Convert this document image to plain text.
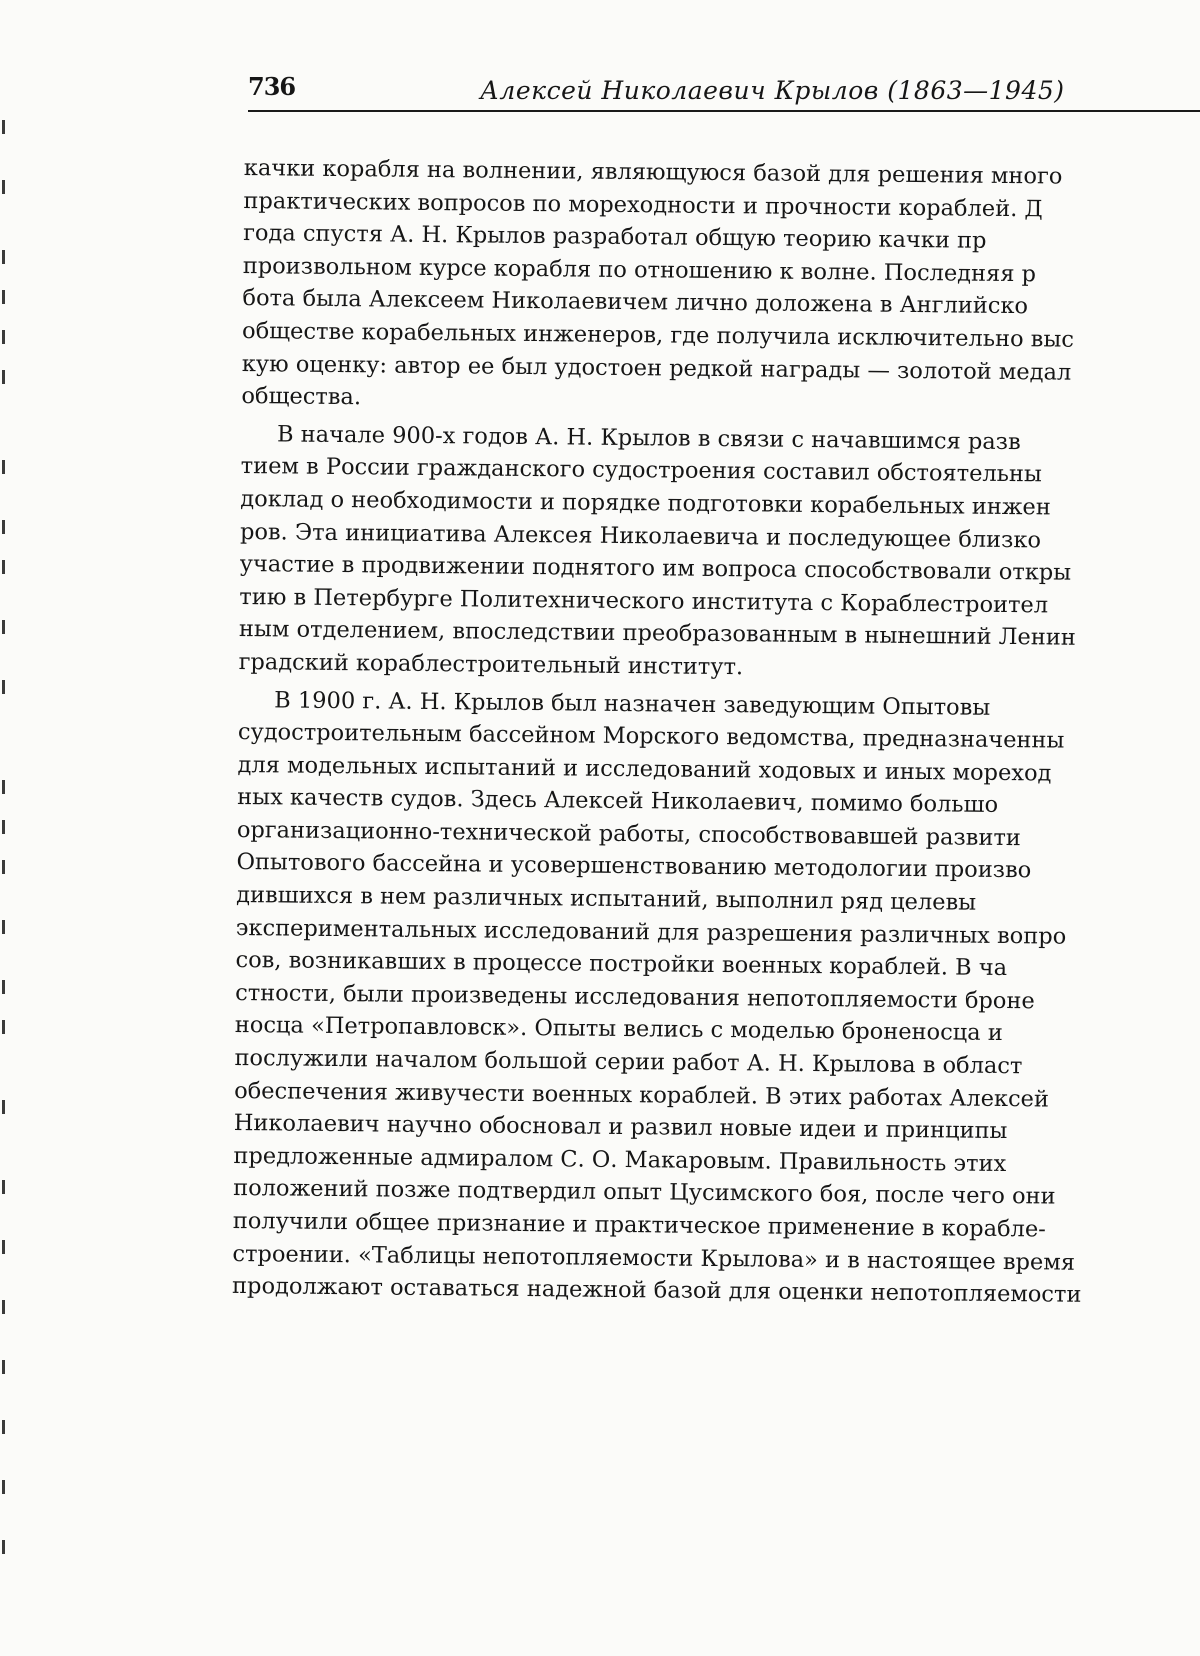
736	Алексей Николаевич Крылов (1863—1945)
качки корабля на волнении, являющуюся базой для решения много
практических вопросов по мореходности и прочности кораблей. Д
года спустя А. Н. Крылов разработал общую теорию качки пр
произвольном курсе корабля по отношению к волне. Последняя р
бота была Алексеем Николаевичем лично доложена в Английско
обществе корабельных инженеров, где получила исключительно выс
кую оценку: автор ее был удостоен редкой награды — золотой медал
общества.
В начале 900-х годов А. Н. Крылов в связи с начавшимся разв
тием в России гражданского судостроения составил обстоятельны
доклад о необходимости и порядке подготовки корабельных инжен
ров. Эта инициатива Алексея Николаевича и последующее близко
участие в продвижении поднятого им вопроса способствовали откры
тию в Петербурге Политехнического института с Кораблестроител
ным отделением, впоследствии преобразованным в нынешний Ленин
градский кораблестроительный институт.
В 1900 г. А. Н. Крылов был назначен заведующим Опытовы
судостроительным бассейном Морского ведомства, предназначенны
для модельных испытаний и исследований ходовых и иных мореход
ных качеств судов. Здесь Алексей Николаевич, помимо большо
организационно-технической работы, способствовавшей развити
Опытового бассейна и усовершенствованию методологии произво
дившихся в нем различных испытаний, выполнил ряд целевы
экспериментальных исследований для разрешения различных вопро
сов, возникавших в процессе постройки военных кораблей. В ча
стности, были произведены исследования непотопляемости броне
носца «Петропавловск». Опыты велись с моделью броненосца и
послужили началом большой серии работ А. Н. Крылова в област
обеспечения живучести военных кораблей. В этих работах Алексей
Николаевич научно обосновал и развил новые идеи и принципы
предложенные адмиралом С. О. Макаровым. Правильность этих
положений позже подтвердил опыт Цусимского боя, после чего они
получили общее признание и практическое применение в корабле-
строении. «Таблицы непотопляемости Крылова» и в настоящее время
продолжают оставаться надежной базой для оценки непотопляемости
